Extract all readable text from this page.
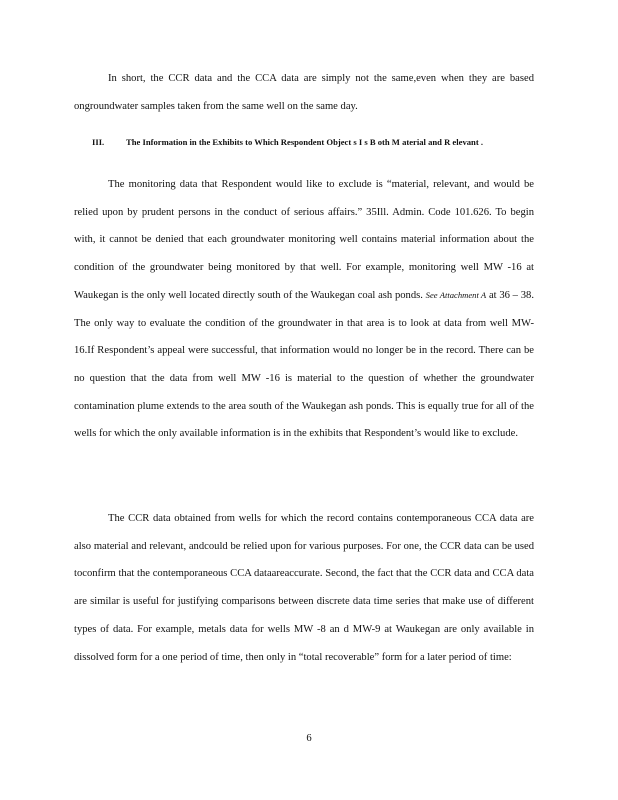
In short, the CCR data and the CCA data are simply not the same,even when they are based ongroundwater samples taken from the same well on the same day.

III.	The Information in the Exhibits to Which Respondent Object s I s B oth M aterial and R elevant .

The monitoring data that Respondent would like to exclude is “material, relevant, and would be relied upon by prudent persons in the conduct of serious affairs.” 35Ill. Admin. Code 101.626. To begin with, it cannot be denied that each groundwater monitoring well contains material information about the condition of the groundwater being monitored by that well. For example, monitoring well MW -16 at Waukegan is the only well located directly south of the Waukegan coal ash ponds. See Attachment A at 36 – 38. The only way to evaluate the condition of the groundwater in that area is to look at data from well MW-16.If Respondent’s appeal were successful, that information would no longer be in the record. There can be no question that the data from well MW -16 is material to the question of whether the groundwater contamination plume extends to the area south of the Waukegan ash ponds. This is equally true for all of the wells for which the only available information is in the exhibits that Respondent’s would like to exclude.

The CCR data obtained from wells for which the record contains contemporaneous CCA data are also material and relevant, andcould be relied upon for various purposes. For one, the CCR data can be used toconfirm that the contemporaneous CCA dataareaccurate. Second, the fact that the CCR data and CCA data are similar is useful for justifying comparisons between discrete data time series that make use of different types of data. For example, metals data for wells MW -8 an d MW-9 at Waukegan are only available in dissolved form for a one period of time, then only in “total recoverable” form for a later period of time:

6
